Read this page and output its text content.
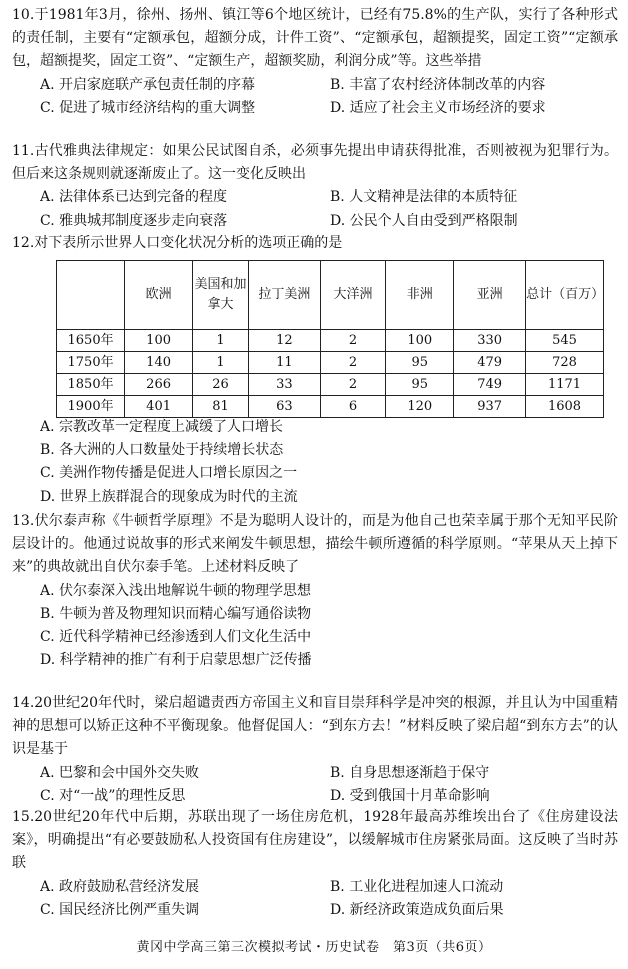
10.于1981年3月，徐州、扬州、镇江等6个地区统计，已经有75.8%的生产队，实行了各种形式的责任制，主要有“定额承包，超额分成，计件工资”、“定额承包，超额提奖，固定工资”“定额承包，超额提奖，固定工资”、“定额生产，超额奖励，利润分成”等。这些举措

A. 开启家庭联产承包责任制的序幕	B. 丰富了农村经济体制改革的内容
C. 促进了城市经济结构的重大调整	D. 适应了社会主义市场经济的要求

11.古代雅典法律规定：如果公民试图自杀，必须事先提出申请获得批准，否则被视为犯罪行为。但后来这条规则就逐渐废止了。这一变化反映出

A. 法律体系已达到完备的程度	B. 人文精神是法律的本质特征
C. 雅典城邦制度逐步走向衰落	D. 公民个人自由受到严格限制

12.对下表所示世界人口变化状况分析的选项正确的是

	欧洲	美国和加拿大	拉丁美洲	大洋洲	非洲	亚洲	总计（百万）
1650年	100	1	12	2	100	330	545
1750年	140	1	11	2	95	479	728
1850年	266	26	33	2	95	749	1171
1900年	401	81	63	6	120	937	1608
A. 宗教改革一定程度上减缓了人口增长
B. 各大洲的人口数量处于持续增长状态
C. 美洲作物传播是促进人口增长原因之一
D. 世界上族群混合的现象成为时代的主流

13.伏尔泰声称《牛顿哲学原理》不是为聪明人设计的，而是为他自己也荣幸属于那个无知平民阶层设计的。他通过说故事的形式来阐发牛顿思想，描绘牛顿所遵循的科学原则。“苹果从天上掉下来”的典故就出自伏尔泰手笔。上述材料反映了

A. 伏尔泰深入浅出地解说牛顿的物理学思想
B. 牛顿为普及物理知识而精心编写通俗读物
C. 近代科学精神已经渗透到人们文化生活中
D. 科学精神的推广有利于启蒙思想广泛传播

14.20世纪20年代时，梁启超谴责西方帝国主义和盲目崇拜科学是冲突的根源，并且认为中国重精神的思想可以矫正这种不平衡现象。他督促国人：“到东方去！”材料反映了梁启超“到东方去”的认识是基于

A. 巴黎和会中国外交失败	B. 自身思想逐渐趋于保守
C. 对“一战”的理性反思	D. 受到俄国十月革命影响

15.20世纪20年代中后期，苏联出现了一场住房危机，1928年最高苏维埃出台了《住房建设法案》，明确提出“有必要鼓励私人投资国有住房建设”，以缓解城市住房紧张局面。这反映了当时苏联

A. 政府鼓励私营经济发展	B. 工业化进程加速人口流动
C. 国民经济比例严重失调	D. 新经济政策造成负面后果
黄冈中学高三第三次模拟考试・历史试卷　第3页（共6页）
